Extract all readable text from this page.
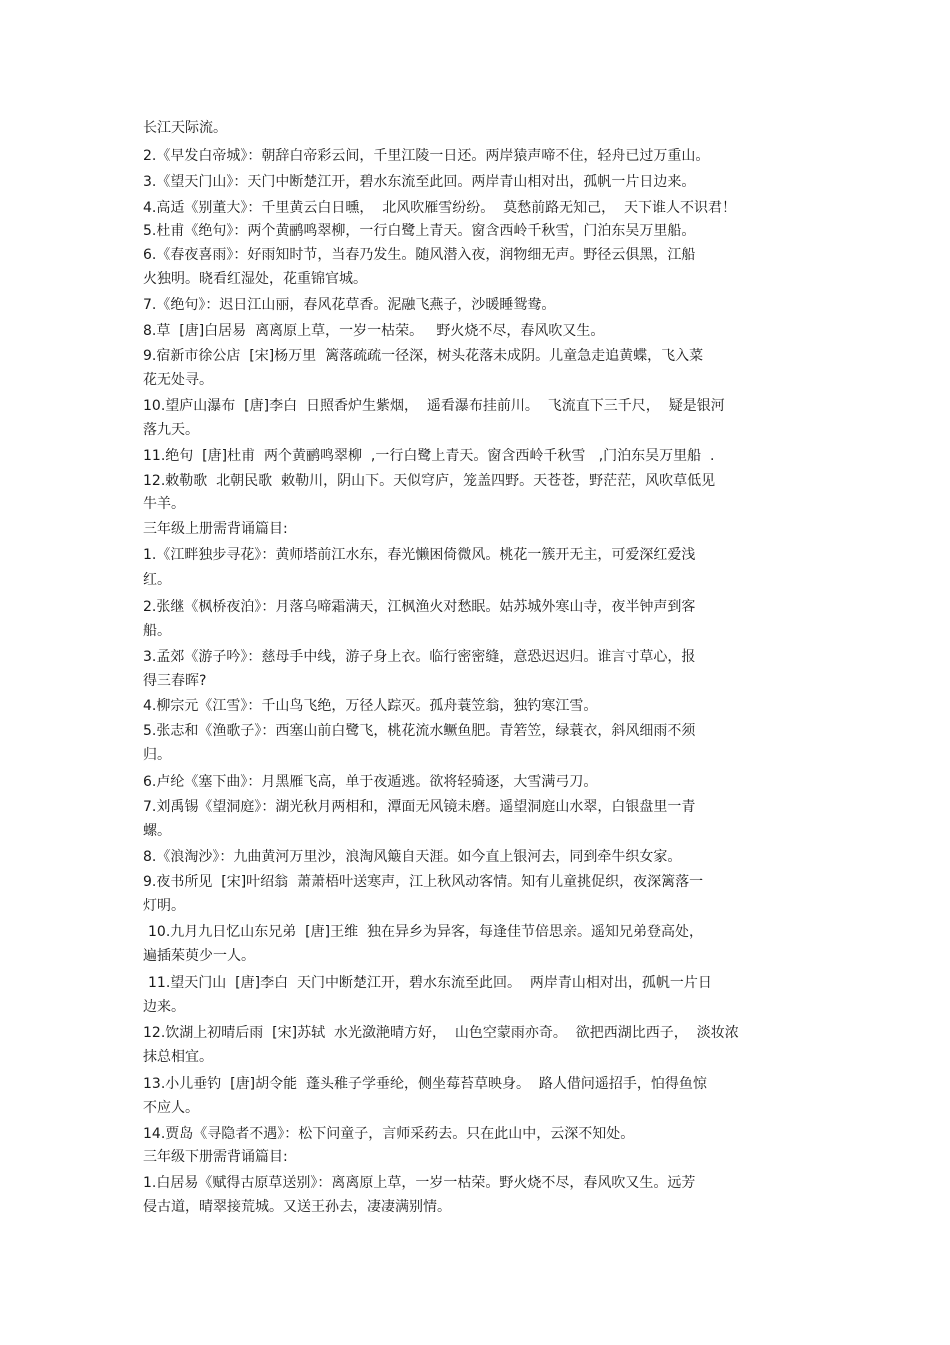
长江天际流。

2.《早发白帝城》：朝辞白帝彩云间，千里江陵一日还。两岸猿声啼不住，轻舟已过万重山。

3.《望天门山》：天门中断楚江开，碧水东流至此回。两岸青山相对出，孤帆一片日边来。

4.高适《别董大》：千里黄云白日曛，  北风吹雁雪纷纷。  莫愁前路无知己，  天下谁人不识君！

5.杜甫《绝句》：两个黄鹂鸣翠柳，一行白鹭上青天。窗含西岭千秋雪，门泊东吴万里船。

6.《春夜喜雨》：好雨知时节，当春乃发生。随风潜入夜，润物细无声。野径云俱黑，江船

火独明。晓看红湿处，花重锦官城。

7.《绝句》：迟日江山丽，春风花草香。泥融飞燕子，沙暖睡鸳鸯。

8.草  [唐]白居易  离离原上草，一岁一枯荣。   野火烧不尽，春风吹又生。

9.宿新市徐公店  [宋]杨万里  篱落疏疏一径深，树头花落未成阴。儿童急走追黄蝶，飞入菜

花无处寻。

10.望庐山瀑布  [唐]李白  日照香炉生紫烟，  遥看瀑布挂前川。  飞流直下三千尺，  疑是银河

落九天。

11.绝句  [唐]杜甫  两个黄鹂鸣翠柳  ,一行白鹭上青天。窗含西岭千秋雪   ,门泊东吴万里船  .

12.敕勒歌  北朝民歌  敕勒川，阴山下。天似穹庐，笼盖四野。天苍苍，野茫茫，风吹草低见

牛羊。

三年级上册需背诵篇目:

1.《江畔独步寻花》：黄师塔前江水东，春光懒困倚微风。桃花一簇开无主，可爱深红爱浅

红。

2.张继《枫桥夜泊》：月落乌啼霜满天，江枫渔火对愁眠。姑苏城外寒山寺，夜半钟声到客

船。

3.孟郊《游子吟》：慈母手中线，游子身上衣。临行密密缝，意恐迟迟归。谁言寸草心，报

得三春晖?

4.柳宗元《江雪》：千山鸟飞绝，万径人踪灭。孤舟蓑笠翁，独钓寒江雪。

5.张志和《渔歌子》：西塞山前白鹭飞，桃花流水鳜鱼肥。青箬笠，绿蓑衣，斜风细雨不须

归。

6.卢纶《塞下曲》：月黑雁飞高，单于夜遁逃。欲将轻骑逐，大雪满弓刀。

7.刘禹锡《望洞庭》：湖光秋月两相和，潭面无风镜未磨。遥望洞庭山水翠，白银盘里一青

螺。

8.《浪淘沙》：九曲黄河万里沙，浪淘风簸自天涯。如今直上银河去，同到牵牛织女家。

9.夜书所见  [宋]叶绍翁  萧萧梧叶送寒声，江上秋风动客情。知有儿童挑促织，夜深篱落一

灯明。

10.九月九日忆山东兄弟  [唐]王维  独在异乡为异客，每逢佳节倍思亲。遥知兄弟登高处，

遍插茱萸少一人。

11.望天门山  [唐]李白  天门中断楚江开，碧水东流至此回。  两岸青山相对出，孤帆一片日

边来。

12.饮湖上初晴后雨  [宋]苏轼  水光潋滟晴方好，  山色空蒙雨亦奇。  欲把西湖比西子，  淡妆浓

抹总相宜。

13.小儿垂钓  [唐]胡令能  蓬头稚子学垂纶，侧坐莓苔草映身。  路人借问遥招手，怕得鱼惊

不应人。

14.贾岛《寻隐者不遇》：松下问童子，言师采药去。只在此山中，云深不知处。

三年级下册需背诵篇目:

1.白居易《赋得古原草送别》：离离原上草，一岁一枯荣。野火烧不尽，春风吹又生。远芳

侵古道，晴翠接荒城。又送王孙去，凄凄满别情。
